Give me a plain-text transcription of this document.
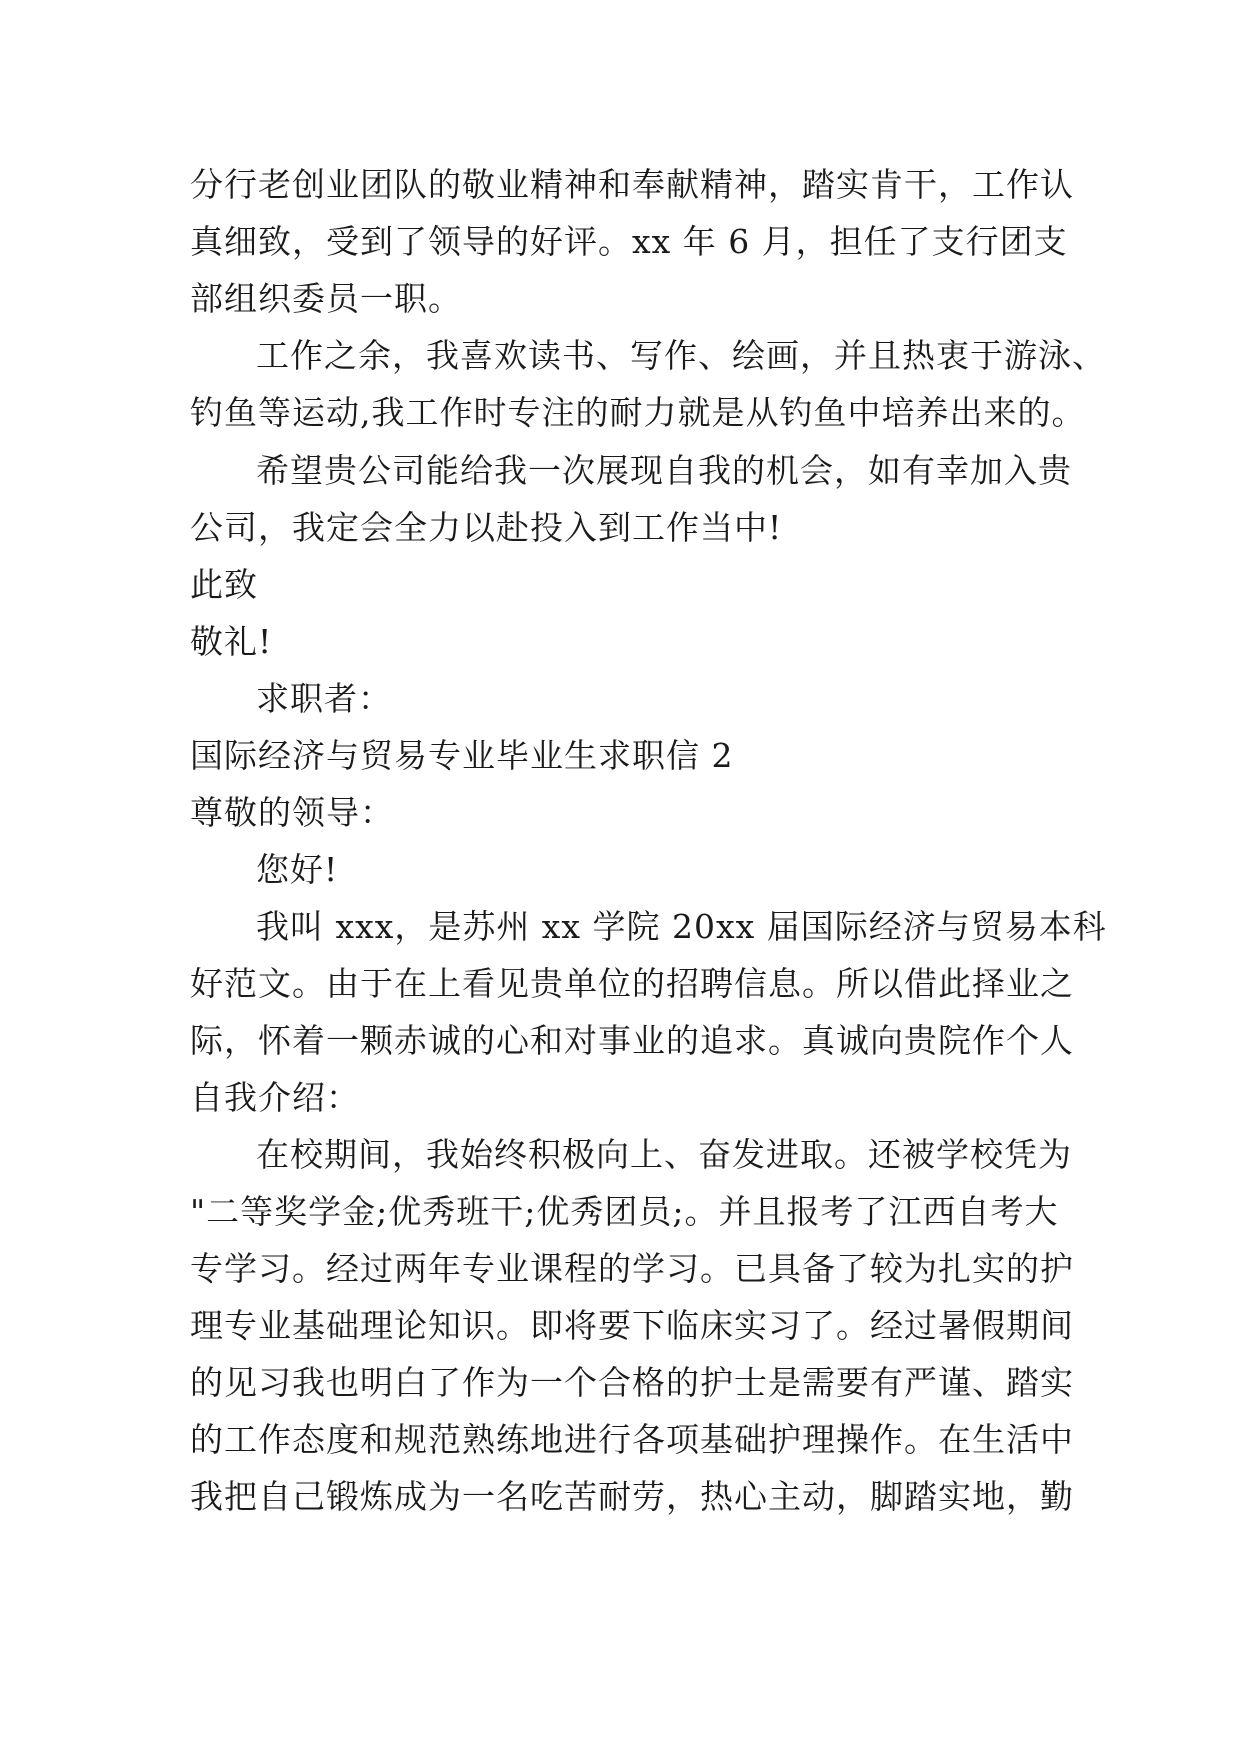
分行老创业团队的敬业精神和奉献精神，踏实肯干，工作认
真细致，受到了领导的好评。xx 年 6 月，担任了支行团支
部组织委员一职。
工作之余，我喜欢读书、写作、绘画，并且热衷于游泳、
钓鱼等运动,我工作时专注的耐力就是从钓鱼中培养出来的。
希望贵公司能给我一次展现自我的机会，如有幸加入贵
公司，我定会全力以赴投入到工作当中!
此致
敬礼!
求职者：
国际经济与贸易专业毕业生求职信 2
尊敬的领导：
您好!
我叫 xxx，是苏州 xx 学院 20xx 届国际经济与贸易本科
好范文。由于在上看见贵单位的招聘信息。所以借此择业之
际，怀着一颗赤诚的心和对事业的追求。真诚向贵院作个人
自我介绍：
在校期间，我始终积极向上、奋发进取。还被学校凭为
"二等奖学金;优秀班干;优秀团员;。并且报考了江西自考大
专学习。经过两年专业课程的学习。已具备了较为扎实的护
理专业基础理论知识。即将要下临床实习了。经过暑假期间
的见习我也明白了作为一个合格的护士是需要有严谨、踏实
的工作态度和规范熟练地进行各项基础护理操作。在生活中
我把自己锻炼成为一名吃苦耐劳，热心主动，脚踏实地，勤
